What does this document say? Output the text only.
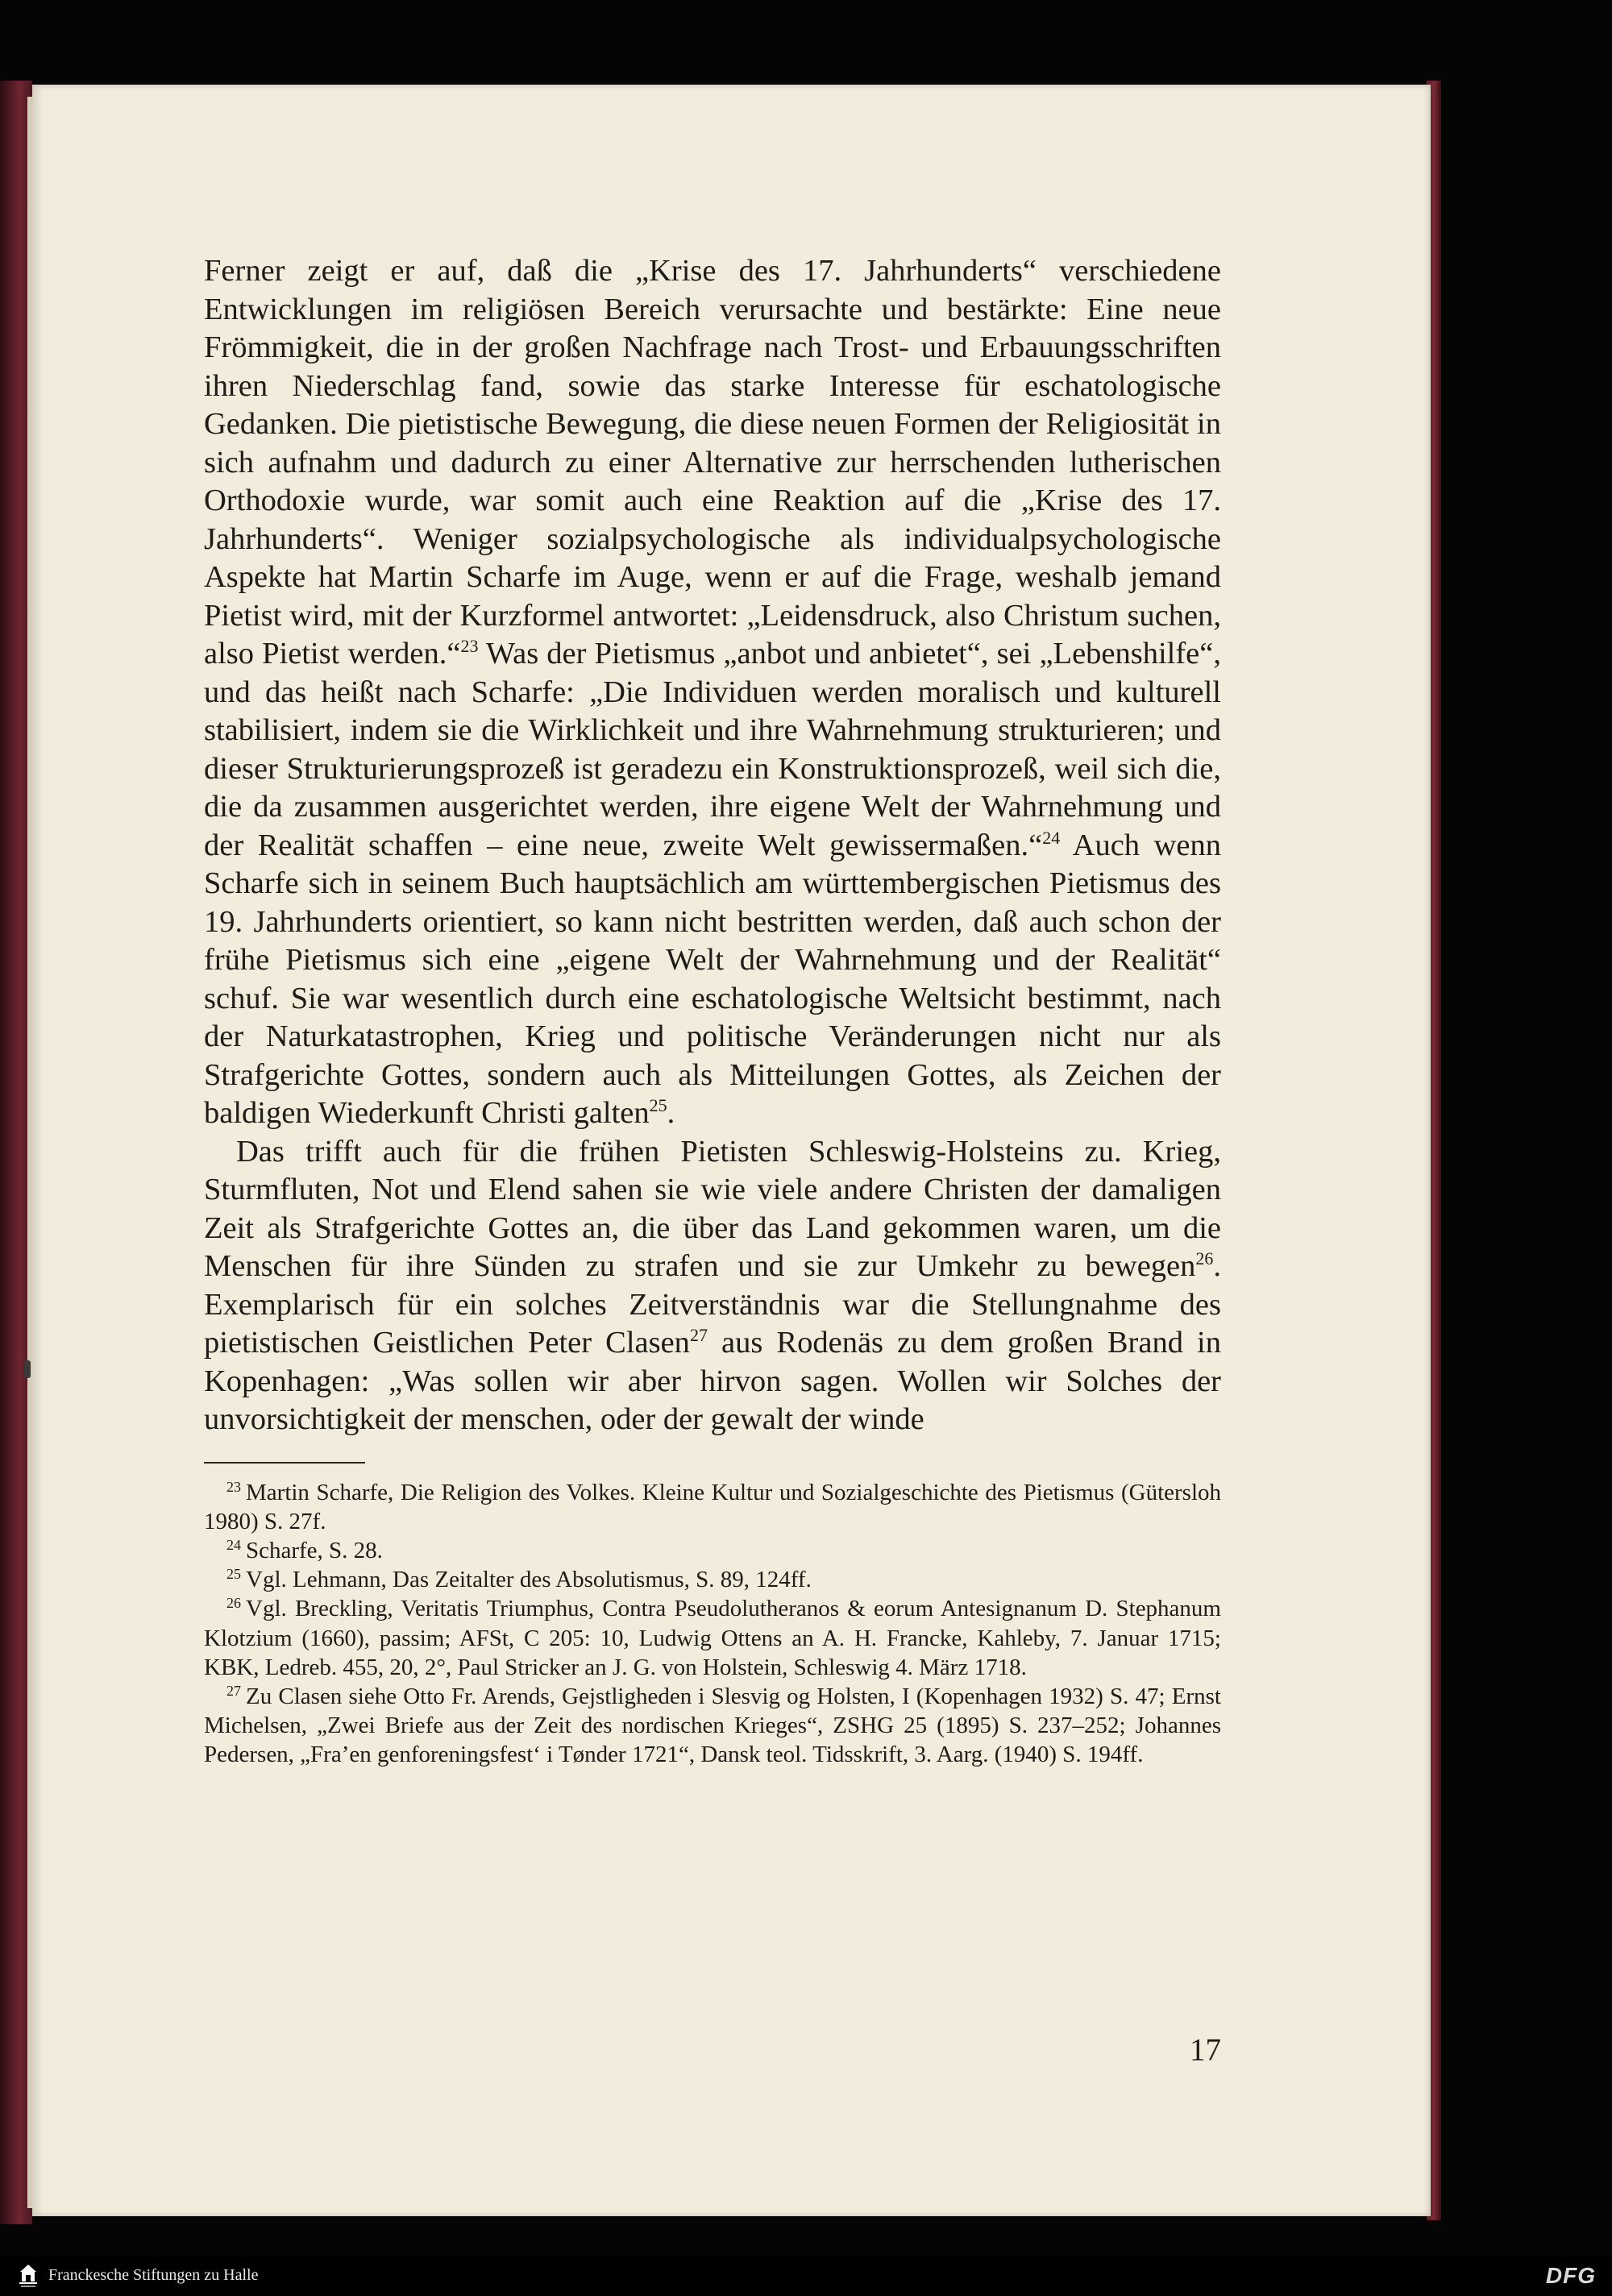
Ferner zeigt er auf, daß die „Krise des 17. Jahrhunderts“ verschiedene Entwicklungen im religiösen Bereich verursachte und bestärkte: Eine neue Frömmigkeit, die in der großen Nachfrage nach Trost- und Erbauungsschriften ihren Niederschlag fand, sowie das starke Interesse für eschatologische Gedanken. Die pietistische Bewegung, die diese neuen Formen der Religiosität in sich aufnahm und dadurch zu einer Alternative zur herrschenden lutherischen Orthodoxie wurde, war somit auch eine Reaktion auf die „Krise des 17. Jahrhunderts“. Weniger sozialpsychologische als individualpsychologische Aspekte hat Martin Scharfe im Auge, wenn er auf die Frage, weshalb jemand Pietist wird, mit der Kurzformel antwortet: „Leidensdruck, also Christum suchen, also Pietist werden.“$^{23}$ Was der Pietismus „anbot und anbietet“, sei „Lebenshilfe“, und das heißt nach Scharfe: „Die Individuen werden moralisch und kulturell stabilisiert, indem sie die Wirklichkeit und ihre Wahrnehmung strukturieren; und dieser Strukturierungsprozeß ist geradezu ein Konstruktionsprozeß, weil sich die, die da zusammen ausgerichtet werden, ihre eigene Welt der Wahrnehmung und der Realität schaffen – eine neue, zweite Welt gewissermaßen.“$^{24}$ Auch wenn Scharfe sich in seinem Buch hauptsächlich am württembergischen Pietismus des 19. Jahrhunderts orientiert, so kann nicht bestritten werden, daß auch schon der frühe Pietismus sich eine „eigene Welt der Wahrnehmung und der Realität“ schuf. Sie war wesentlich durch eine eschatologische Weltsicht bestimmt, nach der Naturkatastrophen, Krieg und politische Veränderungen nicht nur als Strafgerichte Gottes, sondern auch als Mitteilungen Gottes, als Zeichen der baldigen Wiederkunft Christi galten$^{25}$.

Das trifft auch für die frühen Pietisten Schleswig-Holsteins zu. Krieg, Sturmfluten, Not und Elend sahen sie wie viele andere Christen der damaligen Zeit als Strafgerichte Gottes an, die über das Land gekommen waren, um die Menschen für ihre Sünden zu strafen und sie zur Umkehr zu bewegen$^{26}$. Exemplarisch für ein solches Zeitverständnis war die Stellungnahme des pietistischen Geistlichen Peter Clasen$^{27}$ aus Rodenäs zu dem großen Brand in Kopenhagen: „Was sollen wir aber hirvon sagen. Wollen wir Solches der unvorsichtigkeit der menschen, oder der gewalt der winde

$^{23}$ Martin Scharfe, Die Religion des Volkes. Kleine Kultur und Sozialgeschichte des Pietismus (Gütersloh 1980) S. 27f.

$^{24}$ Scharfe, S. 28.

$^{25}$ Vgl. Lehmann, Das Zeitalter des Absolutismus, S. 89, 124ff.

$^{26}$ Vgl. Breckling, Veritatis Triumphus, Contra Pseudolutheranos & eorum Antesignanum D. Stephanum Klotzium (1660), passim; AFSt, C 205: 10, Ludwig Ottens an A. H. Francke, Kahleby, 7. Januar 1715; KBK, Ledreb. 455, 20, 2°, Paul Stricker an J. G. von Holstein, Schleswig 4. März 1718.

$^{27}$ Zu Clasen siehe Otto Fr. Arends, Gejstligheden i Slesvig og Holsten, I (Kopenhagen 1932) S. 47; Ernst Michelsen, „Zwei Briefe aus der Zeit des nordischen Krieges“, ZSHG 25 (1895) S. 237–252; Johannes Pedersen, „Fra’en genforeningsfest‘ i Tønder 1721“, Dansk teol. Tidsskrift, 3. Aarg. (1940) S. 194ff.

17
Franckesche Stiftungen zu Halle	DFG
